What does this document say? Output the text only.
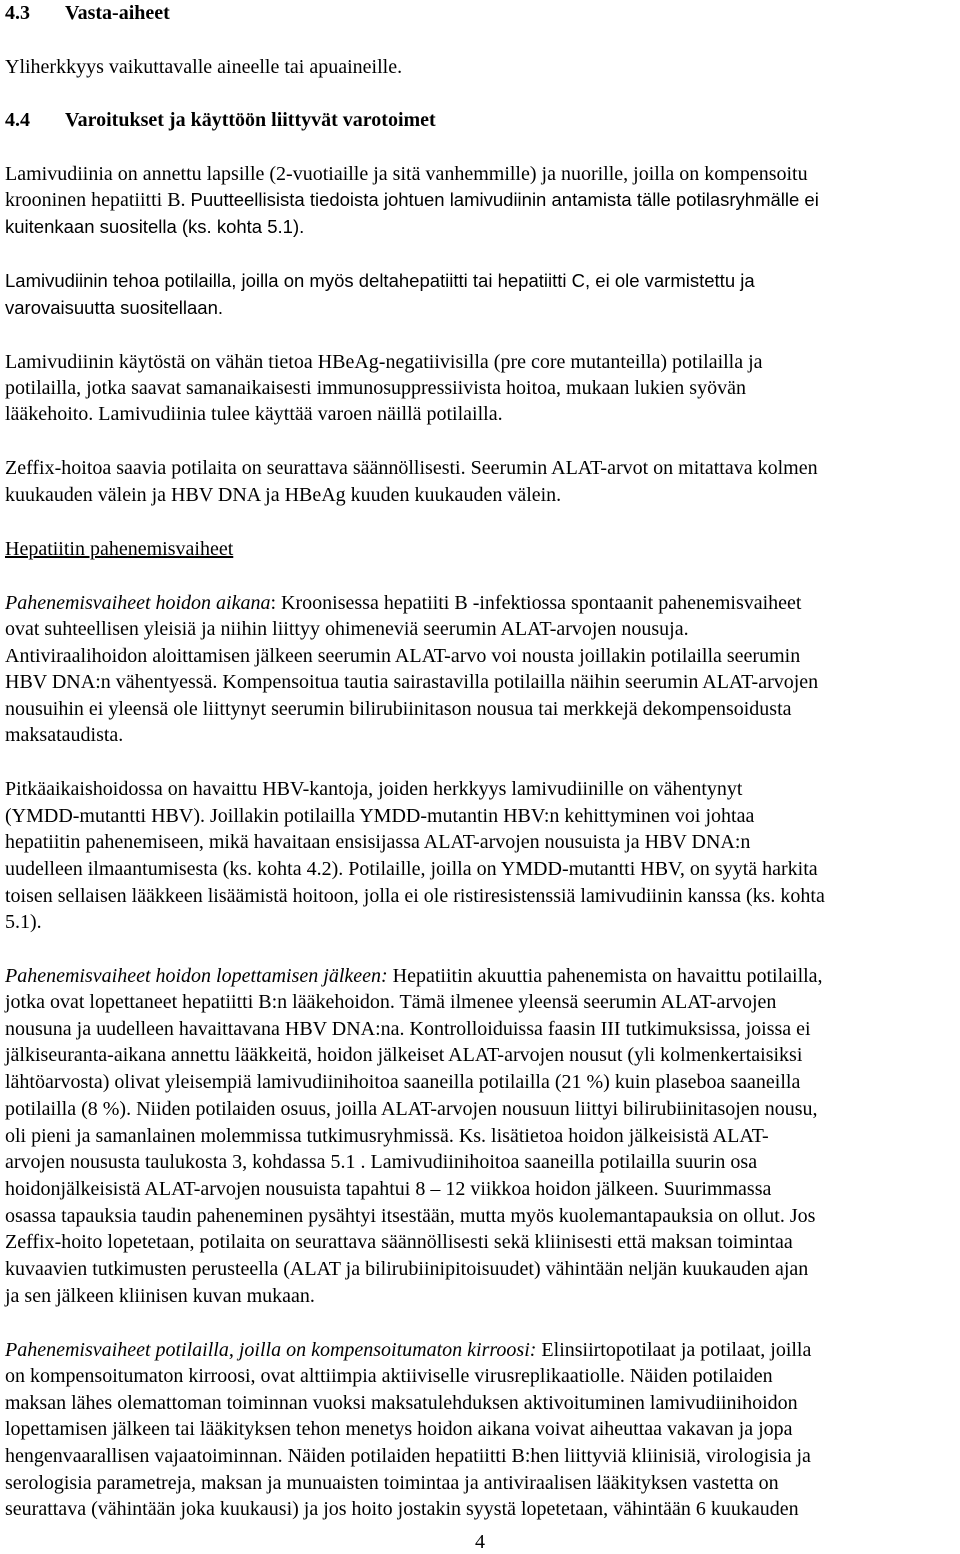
4.3 Vasta-aiheet
Yliherkkyys vaikuttavalle aineelle tai apuaineille.
4.4 Varoitukset ja käyttöön liittyvät varotoimet
Lamivudiinia on annettu lapsille (2-vuotiaille ja sitä vanhemmille) ja nuorille, joilla on kompensoitu
krooninen hepatiitti B. Puutteellisista tiedoista johtuen lamivudiinin antamista tälle potilasryhmälle ei
kuitenkaan suositella (ks. kohta 5.1).
Lamivudiinin tehoa potilailla, joilla on myös deltahepatiitti tai hepatiitti C, ei ole varmistettu ja
varovaisuutta suositellaan.
Lamivudiinin käytöstä on vähän tietoa HBeAg-negatiivisilla (pre core mutanteilla) potilailla ja
potilailla, jotka saavat samanaikaisesti immunosuppressiivista hoitoa, mukaan lukien syövän
lääkehoito. Lamivudiinia tulee käyttää varoen näillä potilailla.
Zeffix-hoitoa saavia potilaita on seurattava säännöllisesti. Seerumin ALAT-arvot on mitattava kolmen
kuukauden välein ja HBV DNA ja HBeAg kuuden kuukauden välein.
Hepatiitin pahenemisvaiheet
Pahenemisvaiheet hoidon aikana: Kroonisessa hepatiiti B -infektiossa spontaanit pahenemisvaiheet
ovat suhteellisen yleisiä ja niihin liittyy ohimeneviä seerumin ALAT-arvojen nousuja.
Antiviraalihoidon aloittamisen jälkeen seerumin ALAT-arvo voi nousta joillakin potilailla seerumin
HBV DNA:n vähentyessä. Kompensoitua tautia sairastavilla potilailla näihin seerumin ALAT-arvojen
nousuihin ei yleensä ole liittynyt seerumin bilirubiinitason nousua tai merkkejä dekompensoidusta
maksataudista.
Pitkäaikaishoidossa on havaittu HBV-kantoja, joiden herkkyys lamivudiinille on vähentynyt
(YMDD-mutantti HBV). Joillakin potilailla YMDD-mutantin HBV:n kehittyminen voi johtaa
hepatiitin pahenemiseen, mikä havaitaan ensisijassa ALAT-arvojen nousuista ja HBV DNA:n
uudelleen ilmaantumisesta (ks. kohta 4.2). Potilaille, joilla on YMDD-mutantti HBV, on syytä harkita
toisen sellaisen lääkkeen lisäämistä hoitoon, jolla ei ole ristiresistenssiä lamivudiinin kanssa (ks. kohta
5.1).
Pahenemisvaiheet hoidon lopettamisen jälkeen: Hepatiitin akuuttia pahenemista on havaittu potilailla,
jotka ovat lopettaneet hepatiitti B:n lääkehoidon. Tämä ilmenee yleensä seerumin ALAT-arvojen
nousuna ja uudelleen havaittavana HBV DNA:na. Kontrolloiduissa faasin III tutkimuksissa, joissa ei
jälkiseuranta-aikana annettu lääkkeitä, hoidon jälkeiset ALAT-arvojen nousut (yli kolmenkertaisiksi
lähtöarvosta) olivat yleisempiä lamivudiinihoitoa saaneilla potilailla (21 %) kuin plaseboa saaneilla
potilailla (8 %). Niiden potilaiden osuus, joilla ALAT-arvojen nousuun liittyi bilirubiinitasojen nousu,
oli pieni ja samanlainen molemmissa tutkimusryhmissä. Ks. lisätietoa hoidon jälkeisistä ALAT-
arvojen noususta taulukosta 3, kohdassa 5.1 . Lamivudiinihoitoa saaneilla potilailla suurin osa
hoidonjälkeisistä ALAT-arvojen nousuista tapahtui 8 – 12 viikkoa hoidon jälkeen. Suurimmassa
osassa tapauksia taudin paheneminen pysähtyi itsestään, mutta myös kuolemantapauksia on ollut. Jos
Zeffix-hoito lopetetaan, potilaita on seurattava säännöllisesti sekä kliinisesti että maksan toimintaa
kuvaavien tutkimusten perusteella (ALAT ja bilirubiinipitoisuudet) vähintään neljän kuukauden ajan
ja sen jälkeen kliinisen kuvan mukaan.
Pahenemisvaiheet potilailla, joilla on kompensoitumaton kirroosi: Elinsiirtopotilaat ja potilaat, joilla
on kompensoitumaton kirroosi, ovat alttiimpia aktiiviselle virusreplikaatiolle. Näiden potilaiden
maksan lähes olemattoman toiminnan vuoksi maksatulehduksen aktivoituminen lamivudiinihoidon
lopettamisen jälkeen tai lääkityksen tehon menetys hoidon aikana voivat aiheuttaa vakavan ja jopa
hengenvaarallisen vajaatoiminnan. Näiden potilaiden hepatiitti B:hen liittyviä kliinisiä, virologisia ja
serologisia parametreja, maksan ja munuaisten toimintaa ja antiviraalisen lääkityksen vastetta on
seurattava (vähintään joka kuukausi) ja jos hoito jostakin syystä lopetetaan, vähintään 6 kuukauden
4
